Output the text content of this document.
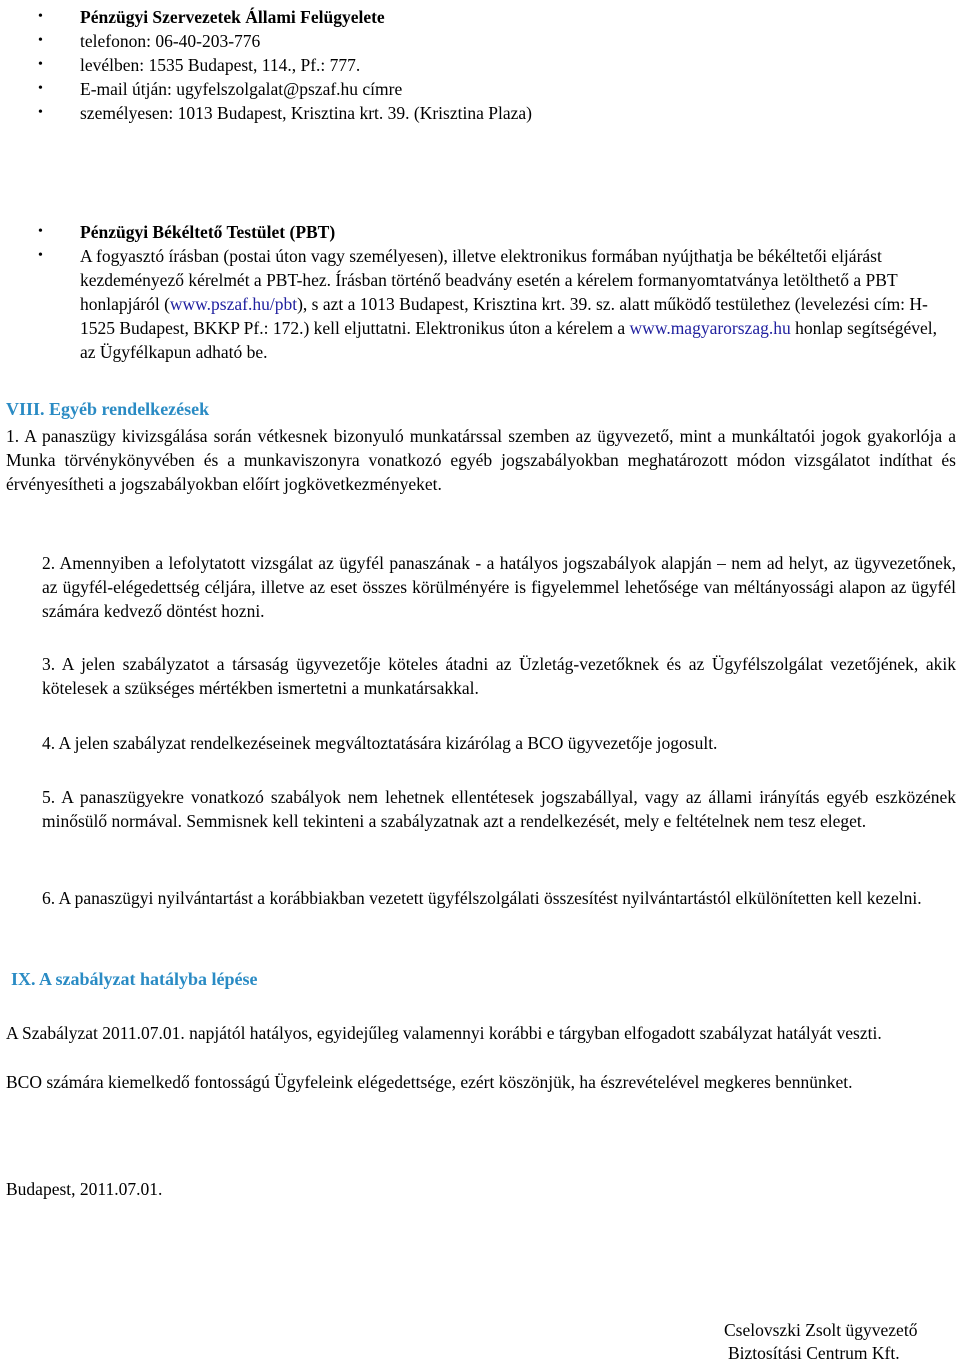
• Pénzügyi Szervezetek Állami Felügyelete
• telefonon: 06-40-203-776
• levélben: 1535 Budapest, 114., Pf.: 777.
• E-mail útján: ugyfelszolgalat@pszaf.hu címre
• személyesen: 1013 Budapest, Krisztina krt. 39. (Krisztina Plaza)
• Pénzügyi Békéltető Testület (PBT)
• A fogyasztó írásban (postai úton vagy személyesen), illetve elektronikus formában nyújthatja be békéltetői eljárást kezdeményező kérelmét a PBT-hez. Írásban történő beadvány esetén a kérelem formanyomtatványa letölthető a PBT honlapjáról (www.pszaf.hu/pbt), s azt a 1013 Budapest, Krisztina krt. 39. sz. alatt működő testülethez (levelezési cím: H-1525 Budapest, BKKP Pf.: 172.) kell eljuttatni. Elektronikus úton a kérelem a www.magyarorszag.hu honlap segítségével, az Ügyfélkapun adható be.
VIII. Egyéb rendelkezések
1. A panaszügy kivizsgálása során vétkesnek bizonyuló munkatárssal szemben az ügyvezető, mint a munkáltatói jogok gyakorlója a Munka törvénykönyvében és a munkaviszonyra vonatkozó egyéb jogszabályokban meghatározott módon vizsgálatot indíthat és érvényesítheti a jogszabályokban előírt jogkövetkezményeket.
2. Amennyiben a lefolytatott vizsgálat az ügyfél panaszának - a hatályos jogszabályok alapján – nem ad helyt, az ügyvezetőnek, az ügyfél-elégedettség céljára, illetve az eset összes körülményére is figyelemmel lehetősége van méltányossági alapon az ügyfél számára kedvező döntést hozni.
3. A jelen szabályzatot a társaság ügyvezetője köteles átadni az Üzletág-vezetőknek és az Ügyfélszolgálat vezetőjének, akik kötelesek a szükséges mértékben ismertetni a munkatársakkal.
4. A jelen szabályzat rendelkezéseinek megváltoztatására kizárólag a BCO ügyvezetője jogosult.
5. A panaszügyekre vonatkozó szabályok nem lehetnek ellentétesek jogszabállyal, vagy az állami irányítás egyéb eszközének minősülő normával. Semmisnek kell tekinteni a szabályzatnak azt a rendelkezését, mely e feltételnek nem tesz eleget.
6. A panaszügyi nyilvántartást a korábbiakban vezetett ügyfélszolgálati összesítést nyilvántartástól elkülönítetten kell kezelni.
IX. A szabályzat hatályba lépése
A Szabályzat 2011.07.01. napjától hatályos, egyidejűleg valamennyi korábbi e tárgyban elfogadott szabályzat hatályát veszti.
BCO számára kiemelkedő fontosságú Ügyfeleink elégedettsége, ezért köszönjük, ha észrevételével megkeres bennünket.
Budapest, 2011.07.01.
Cselovszki Zsolt ügyvezető
Biztosítási Centrum Kft.
